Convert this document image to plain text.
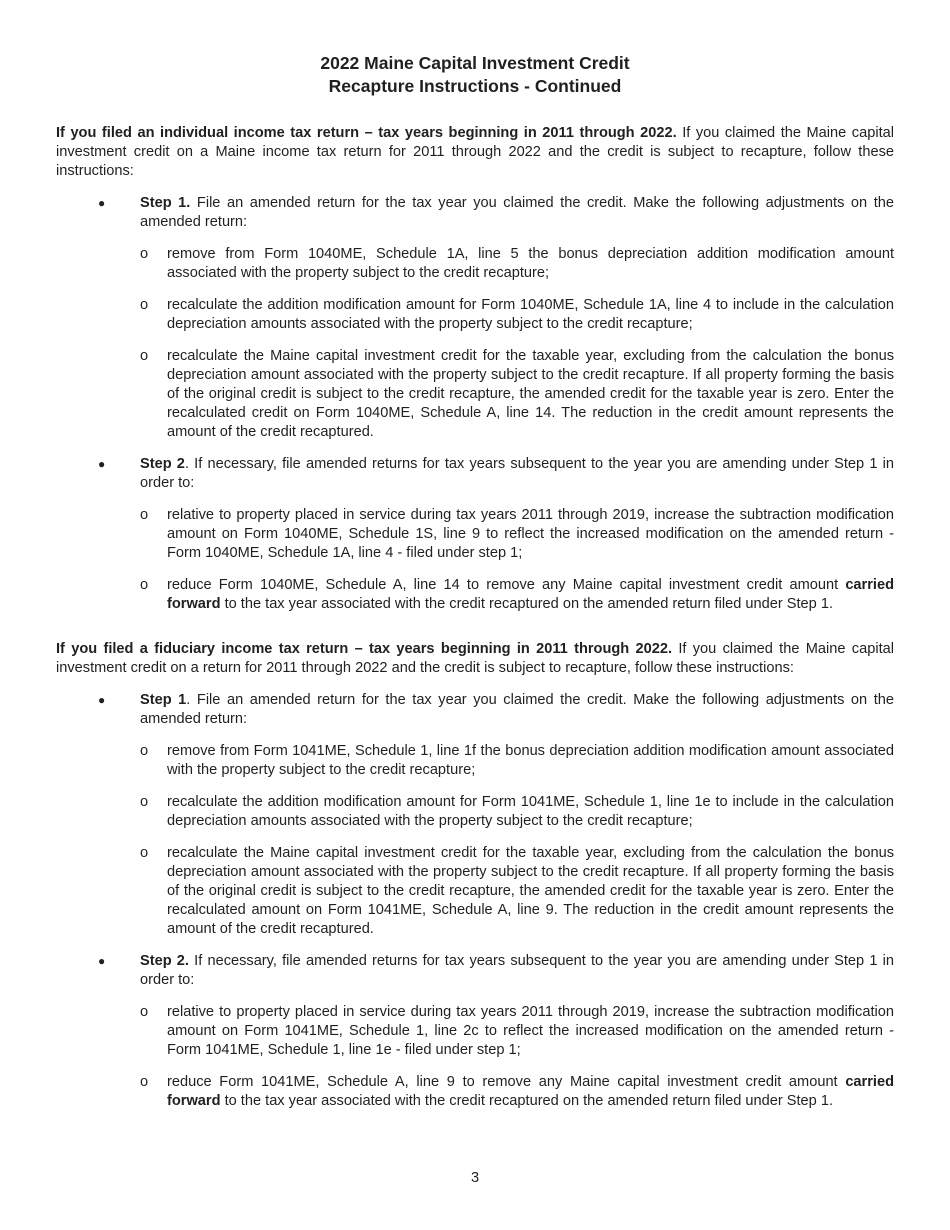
2022 Maine Capital Investment Credit

Recapture Instructions - Continued

If you filed an individual income tax return – tax years beginning in 2011 through 2022. If you claimed the Maine capital investment credit on a Maine income tax return for 2011 through 2022 and the credit is subject to recapture, follow these instructions:

● Step 1. File an amended return for the tax year you claimed the credit. Make the following adjustments on the amended return:
o remove from Form 1040ME, Schedule 1A, line 5 the bonus depreciation addition modification amount associated with the property subject to the credit recapture;
o recalculate the addition modification amount for Form 1040ME, Schedule 1A, line 4 to include in the calculation depreciation amounts associated with the property subject to the credit recapture;
o recalculate the Maine capital investment credit for the taxable year, excluding from the calculation the bonus depreciation amount associated with the property subject to the credit recapture. If all property forming the basis of the original credit is subject to the credit recapture, the amended credit for the taxable year is zero. Enter the recalculated credit on Form 1040ME, Schedule A, line 14. The reduction in the credit amount represents the amount of the credit recaptured.
● Step 2. If necessary, file amended returns for tax years subsequent to the year you are amending under Step 1 in order to:
o relative to property placed in service during tax years 2011 through 2019, increase the subtraction modification amount on Form 1040ME, Schedule 1S, line 9 to reflect the increased modification on the amended return - Form 1040ME, Schedule 1A, line 4 - filed under step 1;
o reduce Form 1040ME, Schedule A, line 14 to remove any Maine capital investment credit amount carried forward to the tax year associated with the credit recaptured on the amended return filed under Step 1.

If you filed a fiduciary income tax return – tax years beginning in 2011 through 2022. If you claimed the Maine capital investment credit on a return for 2011 through 2022 and the credit is subject to recapture, follow these instructions:

● Step 1. File an amended return for the tax year you claimed the credit. Make the following adjustments on the amended return:
o remove from Form 1041ME, Schedule 1, line 1f the bonus depreciation addition modification amount associated with the property subject to the credit recapture;
o recalculate the addition modification amount for Form 1041ME, Schedule 1, line 1e to include in the calculation depreciation amounts associated with the property subject to the credit recapture;
o recalculate the Maine capital investment credit for the taxable year, excluding from the calculation the bonus depreciation amount associated with the property subject to the credit recapture. If all property forming the basis of the original credit is subject to the credit recapture, the amended credit for the taxable year is zero. Enter the recalculated amount on Form 1041ME, Schedule A, line 9. The reduction in the credit amount represents the amount of the credit recaptured.
● Step 2. If necessary, file amended returns for tax years subsequent to the year you are amending under Step 1 in order to:
o relative to property placed in service during tax years 2011 through 2019, increase the subtraction modification amount on Form 1041ME, Schedule 1, line 2c to reflect the increased modification on the amended return - Form 1041ME, Schedule 1, line 1e - filed under step 1;
o reduce Form 1041ME, Schedule A, line 9 to remove any Maine capital investment credit amount carried forward to the tax year associated with the credit recaptured on the amended return filed under Step 1.
3
